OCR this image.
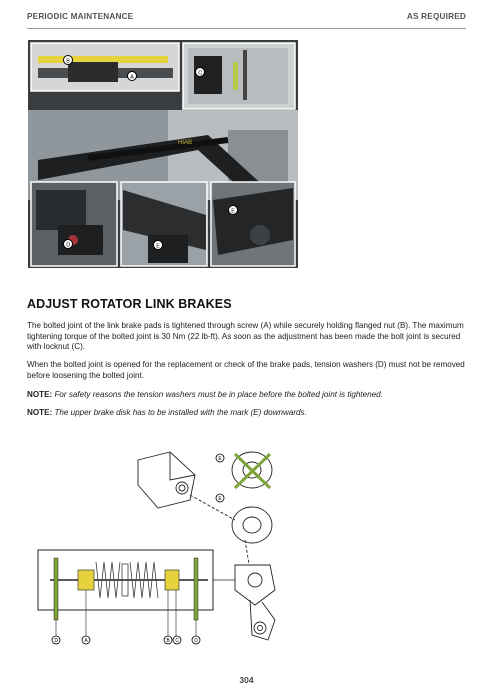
PERIODIC MAINTENANCE	AS REQUIRED
HIAB
B
A
C
D	E
E
ADJUST ROTATOR LINK BRAKES
The bolted joint of the link brake pads is tightened through screw (A) while securely holding flanged nut (B). The maximum tightening torque of the bolted joint is 30 Nm (22 lb-ft). As soon as the adjustment has been made the bolt joint is secured with locknut (C).
When the bolted joint is opened for the replacement or check of the brake pads, tension washers (D) must not be removed before loosening the bolted joint.
NOTE: For safety reasons the tension washers must be in place before the bolted joint is tightened.
NOTE: The upper brake disk has to be installed with the mark (E) downwards.
E
E
D	A	B C	D
304
